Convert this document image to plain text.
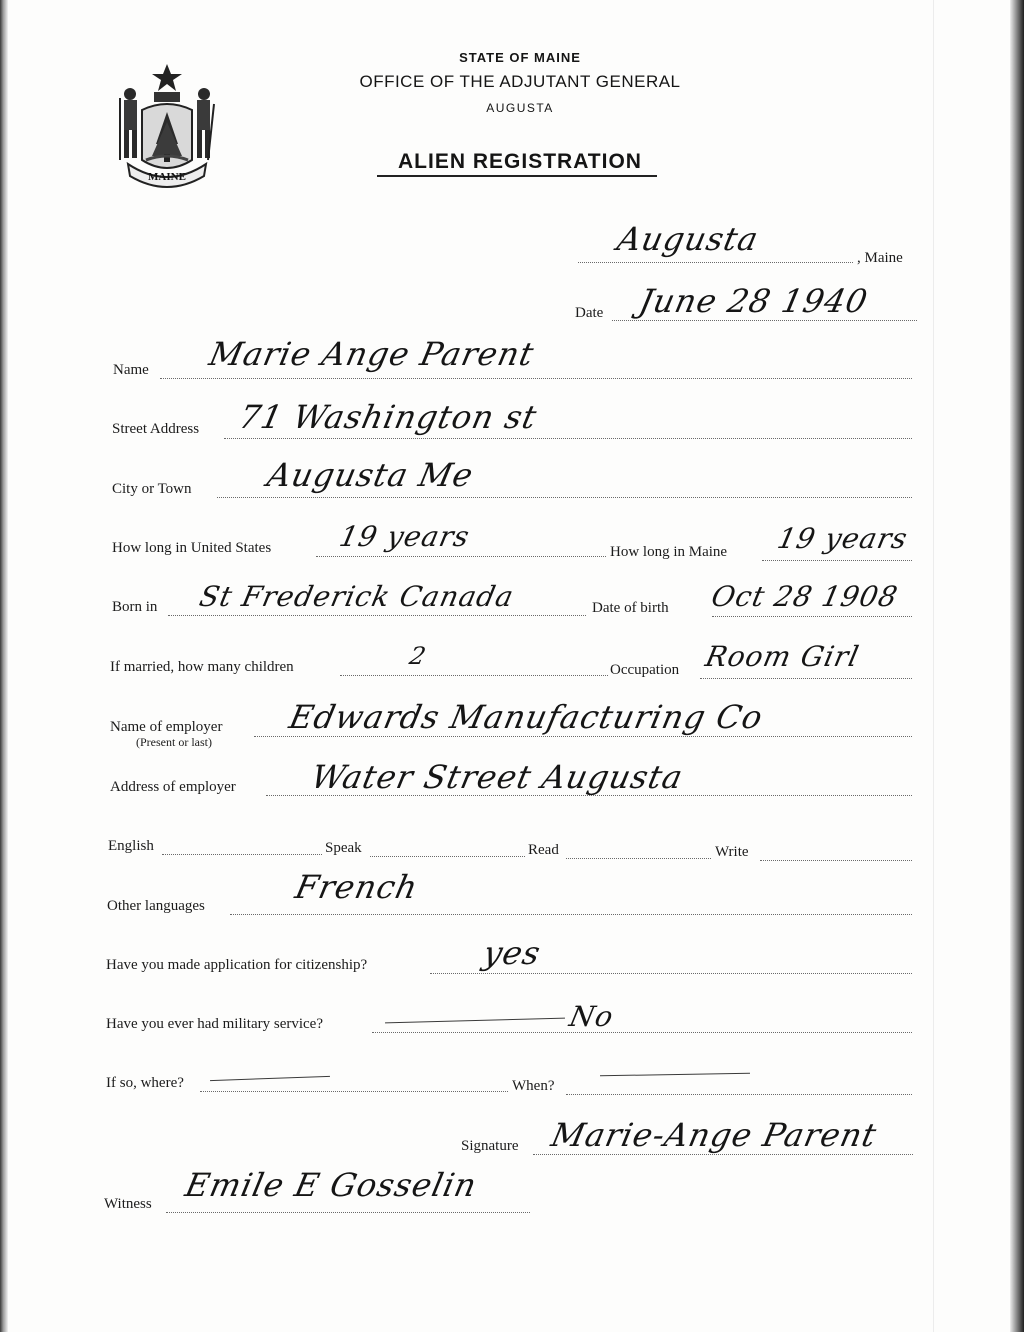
MAINE
STATE OF MAINE
OFFICE OF THE ADJUTANT GENERAL
AUGUSTA
ALIEN REGISTRATION
Augusta	, Maine
Date June 28 1940
Name Marie Ange Parent
Street Address 71 Washington st
City or Town Augusta Me
How long in United States 19 years	How long in Maine 19 years
Born in St Frederick Canada	Date of birth Oct 28 1908
If married, how many children	2	Occupation Room Girl
Name of employer
(Present or last)
Edwards Manufacturing Co
Address of employer Water Street Augusta
English	Speak	Read	Write
Other languages	French
Have you made application for citizenship?	yes
Have you ever had military service?	No
If so, where?	When?
Signature Marie-Ange Parent
Witness Emile E Gosselin
